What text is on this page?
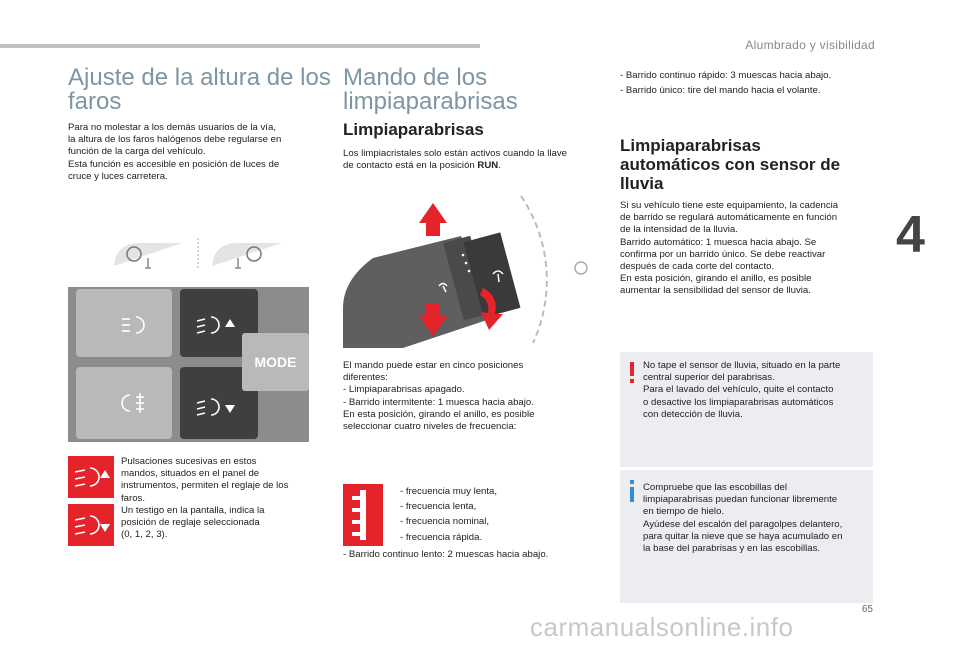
Alumbrado y visibilidad
4
Ajuste de la altura de los
faros
Para no molestar a los demás usuarios de la vía,
la altura de los faros halógenos debe regularse en
función de la carga del vehículo.
Esta función es accesible en posición de luces de
cruce y luces carretera.
MODE
Pulsaciones sucesivas en estos
mandos, situados en el panel de
instrumentos, permiten el reglaje de los
faros.
Un testigo en la pantalla, indica la
posición de reglaje seleccionada
(0, 1, 2, 3).
Mando de los
limpiaparabrisas
Limpiaparabrisas
Los limpiacristales solo están activos cuando la llave
de contacto está en la posición RUN.
El mando puede estar en cinco posiciones
diferentes:
- Limpiaparabrisas apagado.
- Barrido intermitente: 1 muesca hacia abajo.
En esta posición, girando el anillo, es posible
seleccionar cuatro niveles de frecuencia:
- frecuencia muy lenta,
- frecuencia lenta,
- frecuencia nominal,
- frecuencia rápida.
- Barrido continuo lento: 2 muescas hacia abajo.
- Barrido continuo rápido: 3 muescas hacia abajo.
- Barrido único: tire del mando hacia el volante.
Limpiaparabrisas
automáticos con sensor de
lluvia
Si su vehículo tiene este equipamiento, la cadencia
de barrido se regulará automáticamente en función
de la intensidad de la lluvia.
Barrido automático: 1 muesca hacia abajo. Se
confirma por un barrido único. Se debe reactivar
después de cada corte del contacto.
En esta posición, girando el anillo, es posible
aumentar la sensibilidad del sensor de lluvia.
No tape el sensor de lluvia, situado en la parte
central superior del parabrisas.
Para el lavado del vehículo, quite el contacto
o desactive los limpiaparabrisas automáticos
con detección de lluvia.
Compruebe que las escobillas del
limpiaparabrisas puedan funcionar libremente
en tiempo de hielo.
Ayúdese del escalón del paragolpes delantero,
para quitar la nieve que se haya acumulado en
la base del parabrisas y en las escobillas.
65
carmanualsonline.info
